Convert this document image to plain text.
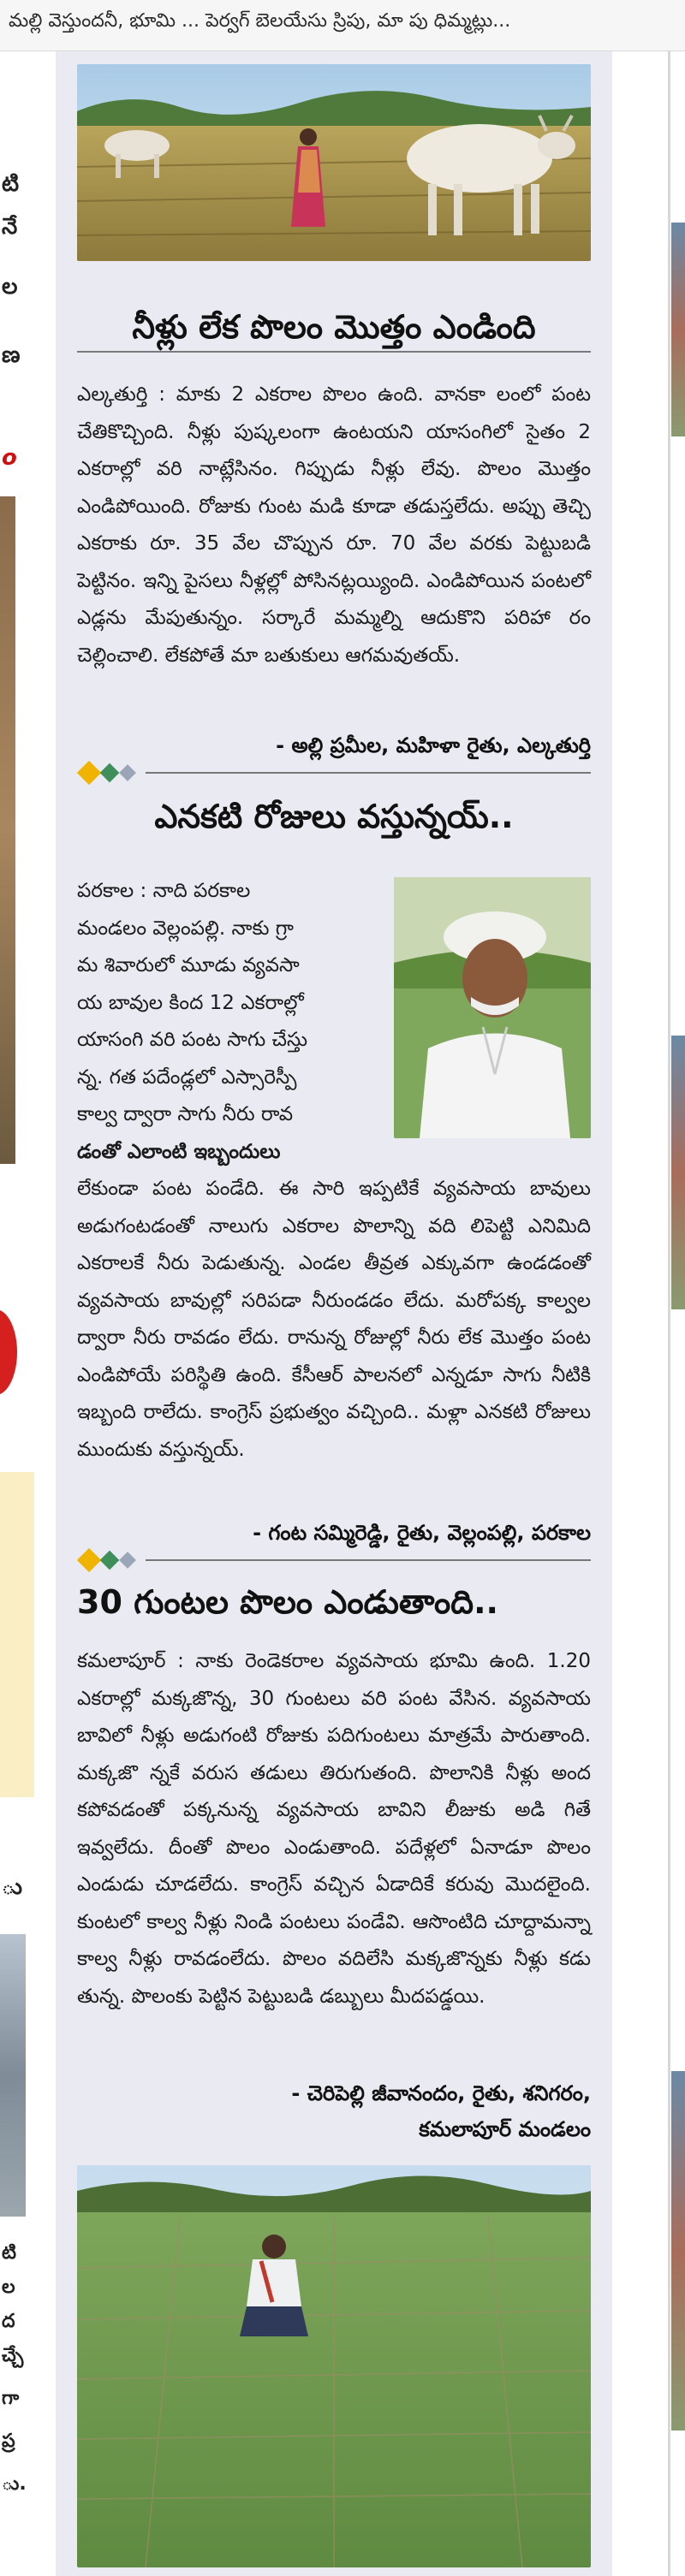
మల్లి వెస్తుందనీ, భూమి ... పెర్వగ్ బెలయేసు స్రిపు, మా పు ధిమ్మట్లు...
టి
నే
ల
ణ
o
ు
టి
ల
ద
చ్చే
గా
ప్ర
ు.
నీళ్లు లేక పొలం మొత్తం ఎండింది

ఎల్కతుర్తి : మాకు 2 ఎకరాల పొలం ఉంది. వానకా లంలో పంట చేతికొచ్చింది. నీళ్లు పుష్కలంగా ఉంటయని యాసంగిలో సైతం 2 ఎకరాల్లో వరి నాట్లేసినం. గిప్పుడు నీళ్లు లేవు. పొలం మొత్తం ఎండిపోయింది. రోజుకు గుంట మడి కూడా తడుస్తలేదు. అప్పు తెచ్చి ఎకరాకు రూ. 35 వేల చొప్పున రూ. 70 వేల వరకు పెట్టుబడి పెట్టినం. ఇన్ని పైసలు నీళ్లల్లో పోసినట్లయ్యింది. ఎండిపోయిన పంటలో ఎడ్లను మేపుతున్నం. సర్కారే మమ్మల్ని ఆదుకొని పరిహా రం చెల్లించాలి. లేకపోతే మా బతుకులు ఆగమవుతయ్.

- అల్లి ప్రమీల, మహిళా రైతు, ఎల్కతుర్తి
ఎనకటి రోజులు వస్తున్నయ్..

పరకాల : నాది పరకాల

మండలం వెల్లంపల్లి. నాకు గ్రా

మ శివారులో మూడు వ్యవసా

య బావుల కింద 12 ఎకరాల్లో

యాసంగి వరి పంట సాగు చేస్తు

న్న. గత పదేండ్లలో ఎస్సారెస్పీ

కాల్వ ద్వారా సాగు నీరు రావ

డంతో ఎలాంటి ఇబ్బందులు

లేకుండా పంట పండేది. ఈ సారి ఇప్పటికే వ్యవసాయ బావులు అడుగంటడంతో నాలుగు ఎకరాల పొలాన్ని వది లిపెట్టి ఎనిమిది ఎకరాలకే నీరు పెడుతున్న. ఎండల తీవ్రత ఎక్కువగా ఉండడంతో వ్యవసాయ బావుల్లో సరిపడా నీరుండడం లేదు. మరోపక్క కాల్వల ద్వారా నీరు రావడం లేదు. రానున్న రోజుల్లో నీరు లేక మొత్తం పంట ఎండిపోయే పరిస్థితి ఉంది. కేసీఆర్ పాలనలో ఎన్నడూ సాగు నీటికి ఇబ్బంది రాలేదు. కాంగ్రెస్ ప్రభుత్వం వచ్చింది.. మళ్లా ఎనకటి రోజులు ముందుకు వస్తున్నయ్.

- గంట సమ్మిరెడ్డి, రైతు, వెల్లంపల్లి, పరకాల
30 గుంటల పొలం ఎండుతాంది..

కమలాపూర్ : నాకు రెండెకరాల వ్యవసాయ భూమి ఉంది. 1.20 ఎకరాల్లో మక్కజొన్న, 30 గుంటలు వరి పంట వేసిన. వ్యవసాయ బావిలో నీళ్లు అడుగంటి రోజుకు పదిగుంటలు మాత్రమే పారుతాంది. మక్కజొ న్నకే వరుస తడులు తిరుగుతంది. పొలానికి నీళ్లు అంద కపోవడంతో పక్కనున్న వ్యవసాయ బావిని లీజుకు అడి గితే ఇవ్వలేదు. దీంతో పొలం ఎండుతాంది. పదేళ్లలో ఏనాడూ పొలం ఎండుడు చూడలేదు. కాంగ్రెస్ వచ్చిన ఏడాదికే కరువు మొదలైంది. కుంటలో కాల్వ నీళ్లు నిండి పంటలు పండేవి. ఆసొంటిది చూద్దామన్నా కాల్వ నీళ్లు రావడంలేదు. పొలం వదిలేసి మక్కజొన్నకు నీళ్లు కడు తున్న. పొలంకు పెట్టిన పెట్టుబడి డబ్బులు మీదపడ్డయి.

- చెరిపెల్లి జీవానందం, రైతు, శనిగరం,
కమలాపూర్ మండలం
